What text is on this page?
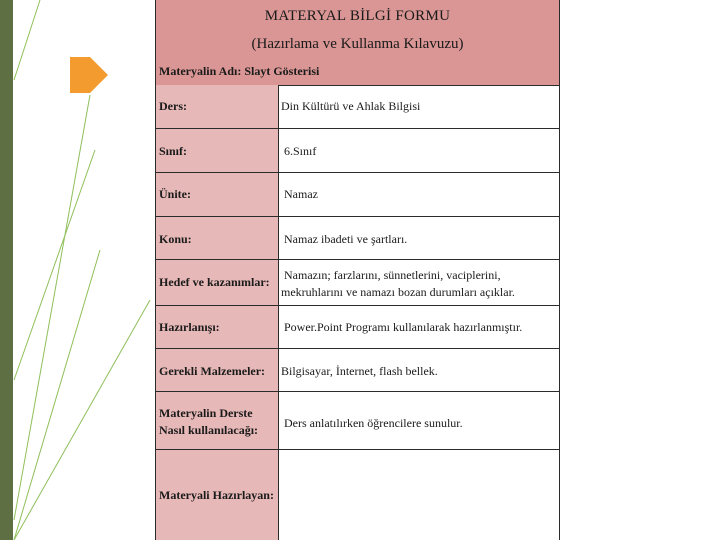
MATERYAL BİLGİ FORMU
(Hazırlama ve Kullanma Kılavuzu)
Materyalin Adı: Slayt Gösterisi
Ders:	Din Kültürü ve Ahlak Bilgisi
Sınıf:	6.Sınıf
Ünite:	Namaz
Konu:	Namaz ibadeti ve şartları.
Hedef ve kazanımlar: Namazın; farzlarını, sünnetlerini, vaciplerini,
mekruhlarını ve namazı bozan durumları açıklar.
Hazırlanışı:	Power.Point Programı kullanılarak hazırlanmıştır.
Gerekli Malzemeler: Bilgisayar, İnternet, flash bellek.
Materyalin Derste
Nasıl kullanılacağı: Ders anlatılırken öğrencilere sunulur.
Materyali Hazırlayan:
